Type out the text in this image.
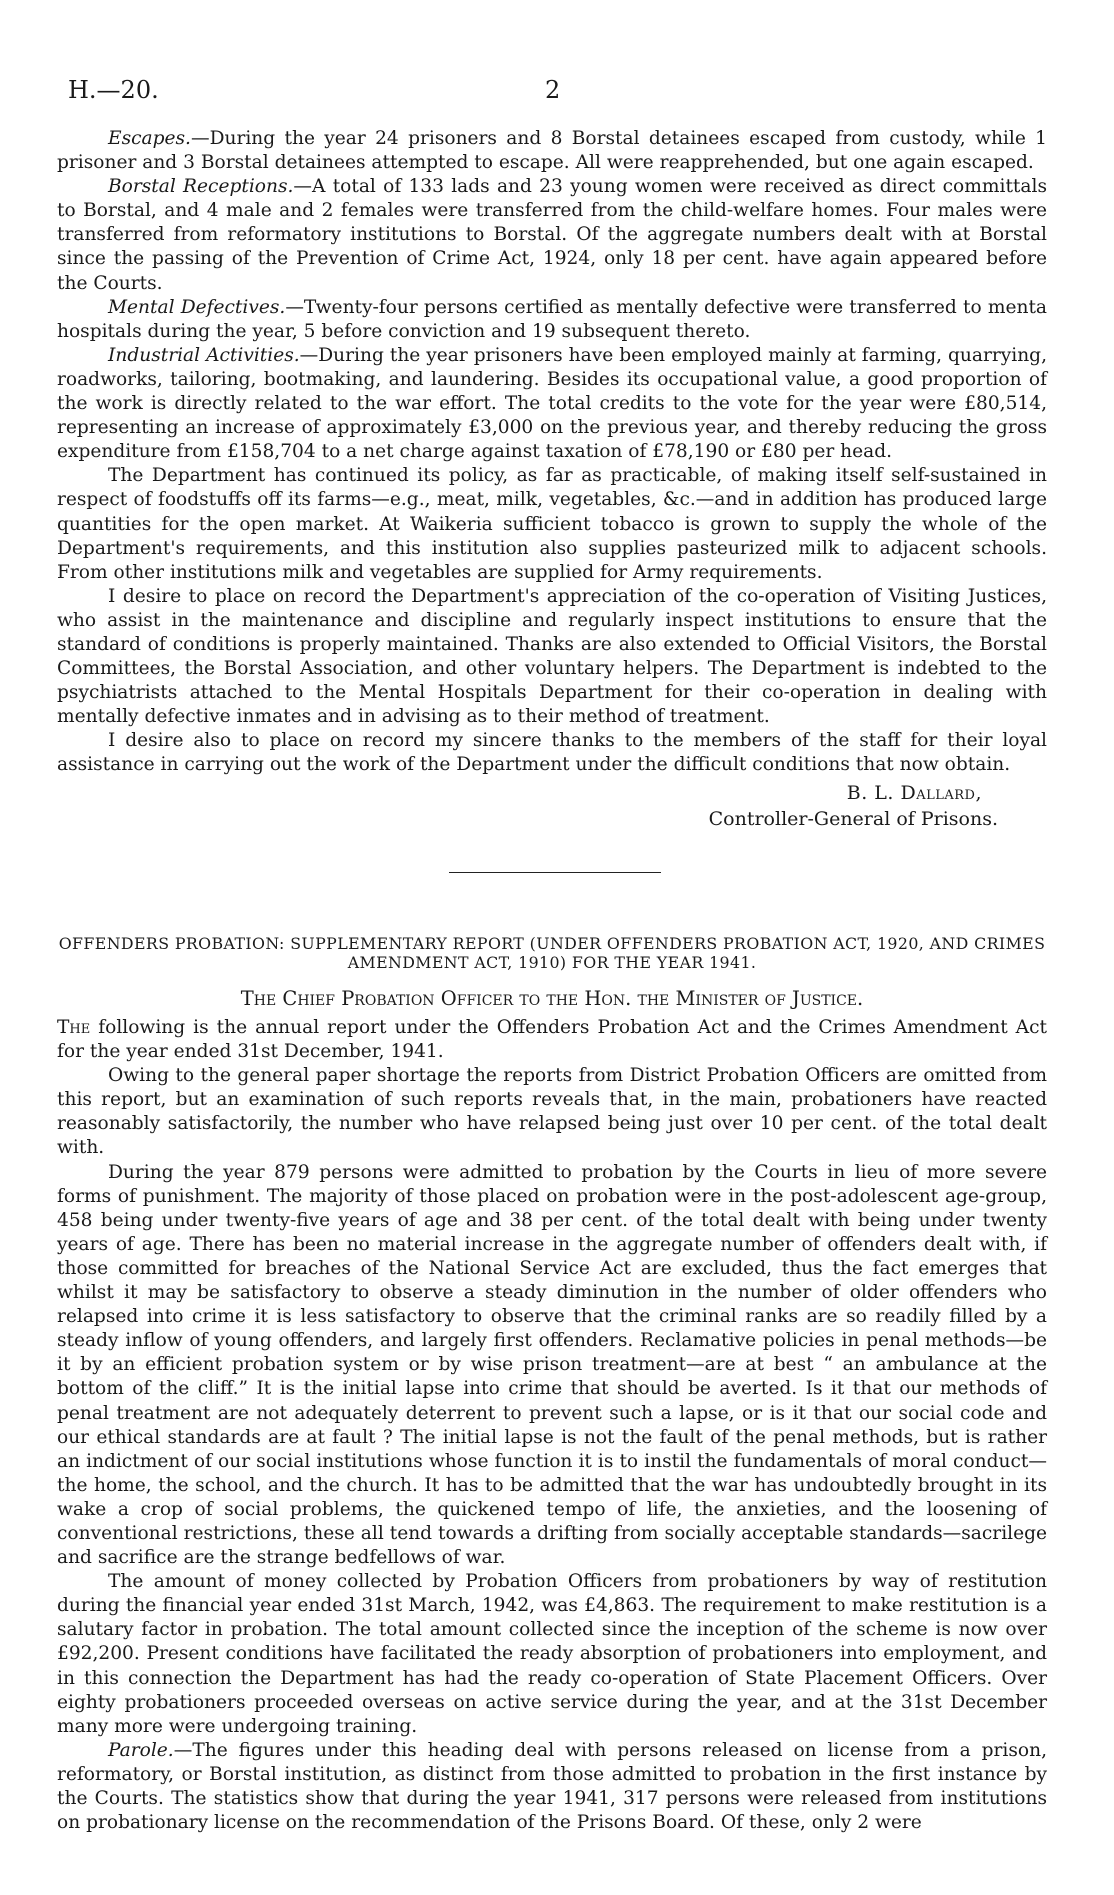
H.—20.	2

Escapes.—During the year 24 prisoners and 8 Borstal detainees escaped from custody, while 1 prisoner and 3 Borstal detainees attempted to escape. All were reapprehended, but one again escaped.

Borstal Receptions.—A total of 133 lads and 23 young women were received as direct committals to Borstal, and 4 male and 2 females were transferred from the child-welfare homes. Four males were transferred from reformatory institutions to Borstal. Of the aggregate numbers dealt with at Borstal since the passing of the Prevention of Crime Act, 1924, only 18 per cent. have again appeared before the Courts.

Mental Defectives.—Twenty-four persons certified as mentally defective were transferred to menta hospitals during the year, 5 before conviction and 19 subsequent thereto.

Industrial Activities.—During the year prisoners have been employed mainly at farming, quarrying, roadworks, tailoring, bootmaking, and laundering. Besides its occupational value, a good proportion of the work is directly related to the war effort. The total credits to the vote for the year were £80,514, representing an increase of approximately £3,000 on the previous year, and thereby reducing the gross expenditure from £158,704 to a net charge against taxation of £78,190 or £80 per head.

The Department has continued its policy, as far as practicable, of making itself self-sustained in respect of foodstuffs off its farms—e.g., meat, milk, vegetables, &c.—and in addition has produced large quantities for the open market. At Waikeria sufficient tobacco is grown to supply the whole of the Department's requirements, and this institution also supplies pasteurized milk to adjacent schools. From other institutions milk and vegetables are supplied for Army requirements.

I desire to place on record the Department's appreciation of the co-operation of Visiting Justices, who assist in the maintenance and discipline and regularly inspect institutions to ensure that the standard of conditions is properly maintained. Thanks are also extended to Official Visitors, the Borstal Committees, the Borstal Association, and other voluntary helpers. The Department is indebted to the psychiatrists attached to the Mental Hospitals Department for their co-operation in dealing with mentally defective inmates and in advising as to their method of treatment.

I desire also to place on record my sincere thanks to the members of the staff for their loyal assistance in carrying out the work of the Department under the difficult conditions that now obtain.

B. L. Dallard,
Controller-General of Prisons.
OFFENDERS PROBATION: SUPPLEMENTARY REPORT (UNDER OFFENDERS PROBATION ACT, 1920, AND CRIMES AMENDMENT ACT, 1910) FOR THE YEAR 1941.
The Chief Probation Officer to the Hon. the Minister of Justice.

The following is the annual report under the Offenders Probation Act and the Crimes Amendment Act for the year ended 31st December, 1941.

Owing to the general paper shortage the reports from District Probation Officers are omitted from this report, but an examination of such reports reveals that, in the main, probationers have reacted reasonably satisfactorily, the number who have relapsed being just over 10 per cent. of the total dealt with.

During the year 879 persons were admitted to probation by the Courts in lieu of more severe forms of punishment. The majority of those placed on probation were in the post-adolescent age-group, 458 being under twenty-five years of age and 38 per cent. of the total dealt with being under twenty years of age. There has been no material increase in the aggregate number of offenders dealt with, if those committed for breaches of the National Service Act are excluded, thus the fact emerges that whilst it may be satisfactory to observe a steady diminution in the number of older offenders who relapsed into crime it is less satisfactory to observe that the criminal ranks are so readily filled by a steady inflow of young offenders, and largely first offenders. Reclamative policies in penal methods—be it by an efficient probation system or by wise prison treatment—are at best “ an ambulance at the bottom of the cliff.” It is the initial lapse into crime that should be averted. Is it that our methods of penal treatment are not adequately deterrent to prevent such a lapse, or is it that our social code and our ethical standards are at fault ? The initial lapse is not the fault of the penal methods, but is rather an indictment of our social institutions whose function it is to instil the fundamentals of moral conduct—the home, the school, and the church. It has to be admitted that the war has undoubtedly brought in its wake a crop of social problems, the quickened tempo of life, the anxieties, and the loosening of conventional restrictions, these all tend towards a drifting from socially acceptable standards—sacrilege and sacrifice are the strange bedfellows of war.

The amount of money collected by Probation Officers from probationers by way of restitution during the financial year ended 31st March, 1942, was £4,863. The requirement to make restitution is a salutary factor in probation. The total amount collected since the inception of the scheme is now over £92,200. Present conditions have facilitated the ready absorption of probationers into employment, and in this connection the Department has had the ready co-operation of State Placement Officers. Over eighty probationers proceeded overseas on active service during the year, and at the 31st December many more were undergoing training.

Parole.—The figures under this heading deal with persons released on license from a prison, reformatory, or Borstal institution, as distinct from those admitted to probation in the first instance by the Courts. The statistics show that during the year 1941, 317 persons were released from institutions on probationary license on the recommendation of the Prisons Board. Of these, only 2 were
